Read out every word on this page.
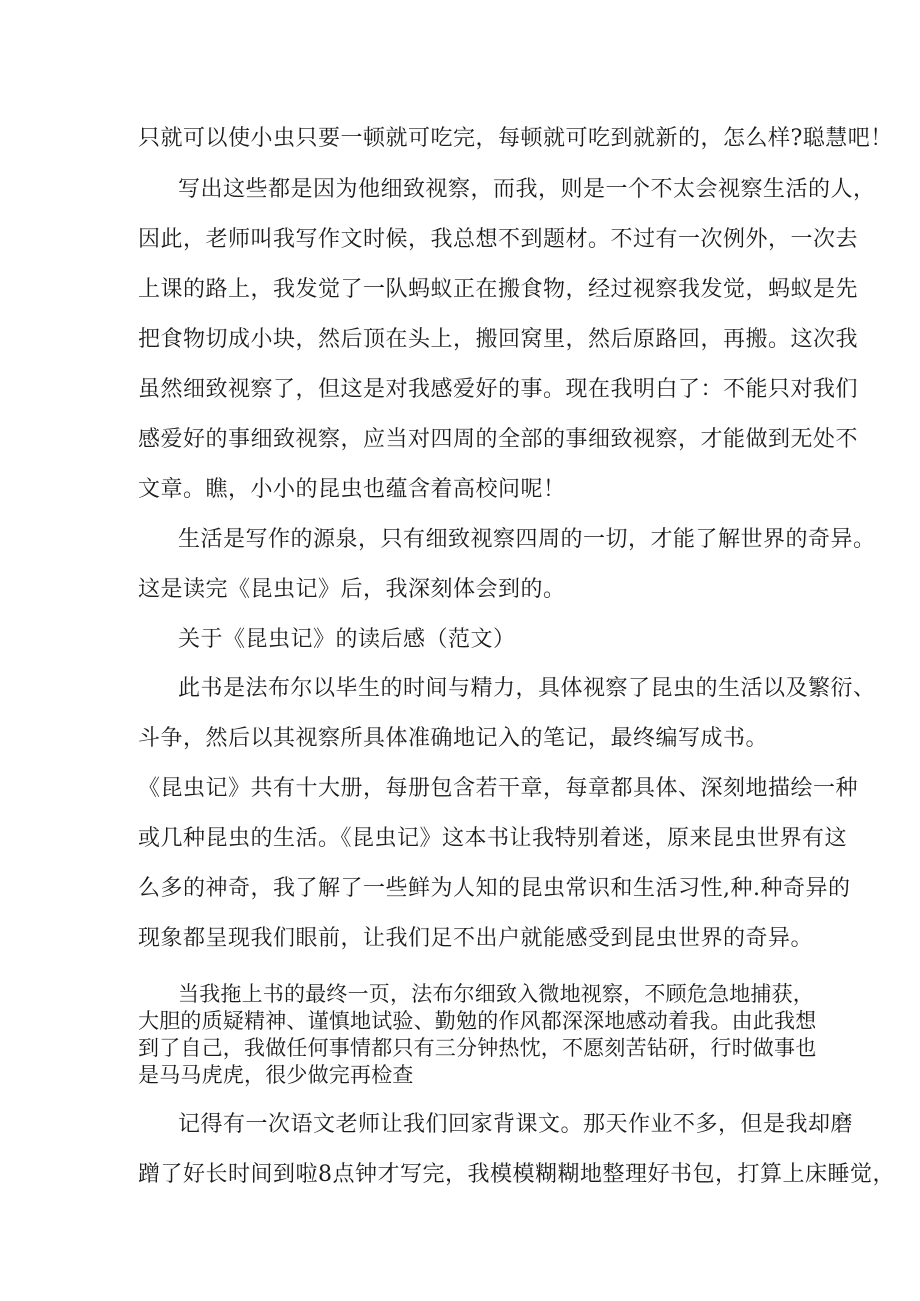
只就可以使小虫只要一顿就可吃完，每顿就可吃到就新的，怎么样?聪慧吧！
写出这些都是因为他细致视察，而我，则是一个不太会视察生活的人，
因此，老师叫我写作文时候，我总想不到题材。不过有一次例外，一次去
上课的路上，我发觉了一队蚂蚁正在搬食物，经过视察我发觉，蚂蚁是先
把食物切成小块，然后顶在头上，搬回窝里，然后原路回，再搬。这次我
虽然细致视察了，但这是对我感爱好的事。现在我明白了：不能只对我们
感爱好的事细致视察，应当对四周的全部的事细致视察，才能做到无处不
文章。瞧，小小的昆虫也蕴含着高校问呢！
生活是写作的源泉，只有细致视察四周的一切，才能了解世界的奇异。
这是读完《昆虫记》后，我深刻体会到的。
关于《昆虫记》的读后感（范文）
此书是法布尔以毕生的时间与精力，具体视察了昆虫的生活以及繁衍、
斗争，然后以其视察所具体准确地记入的笔记，最终编写成书。
《昆虫记》共有十大册，每册包含若干章，每章都具体、深刻地描绘一种
或几种昆虫的生活。《昆虫记》这本书让我特别着迷，原来昆虫世界有这
么多的神奇，我了解了一些鲜为人知的昆虫常识和生活习性,种.种奇异的
现象都呈现我们眼前，让我们足不出户就能感受到昆虫世界的奇异。
当我拖上书的最终一页，法布尔细致入微地视察，不顾危急地捕获，
大胆的质疑精神、谨慎地试验、勤勉的作风都深深地感动着我。由此我想
到了自己，我做任何事情都只有三分钟热忱，不愿刻苦钻研，行时做事也
是马马虎虎，很少做完再检查
记得有一次语文老师让我们回家背课文。那天作业不多，但是我却磨
蹭了好长时间到啦8点钟才写完，我模模糊糊地整理好书包，打算上床睡觉，
